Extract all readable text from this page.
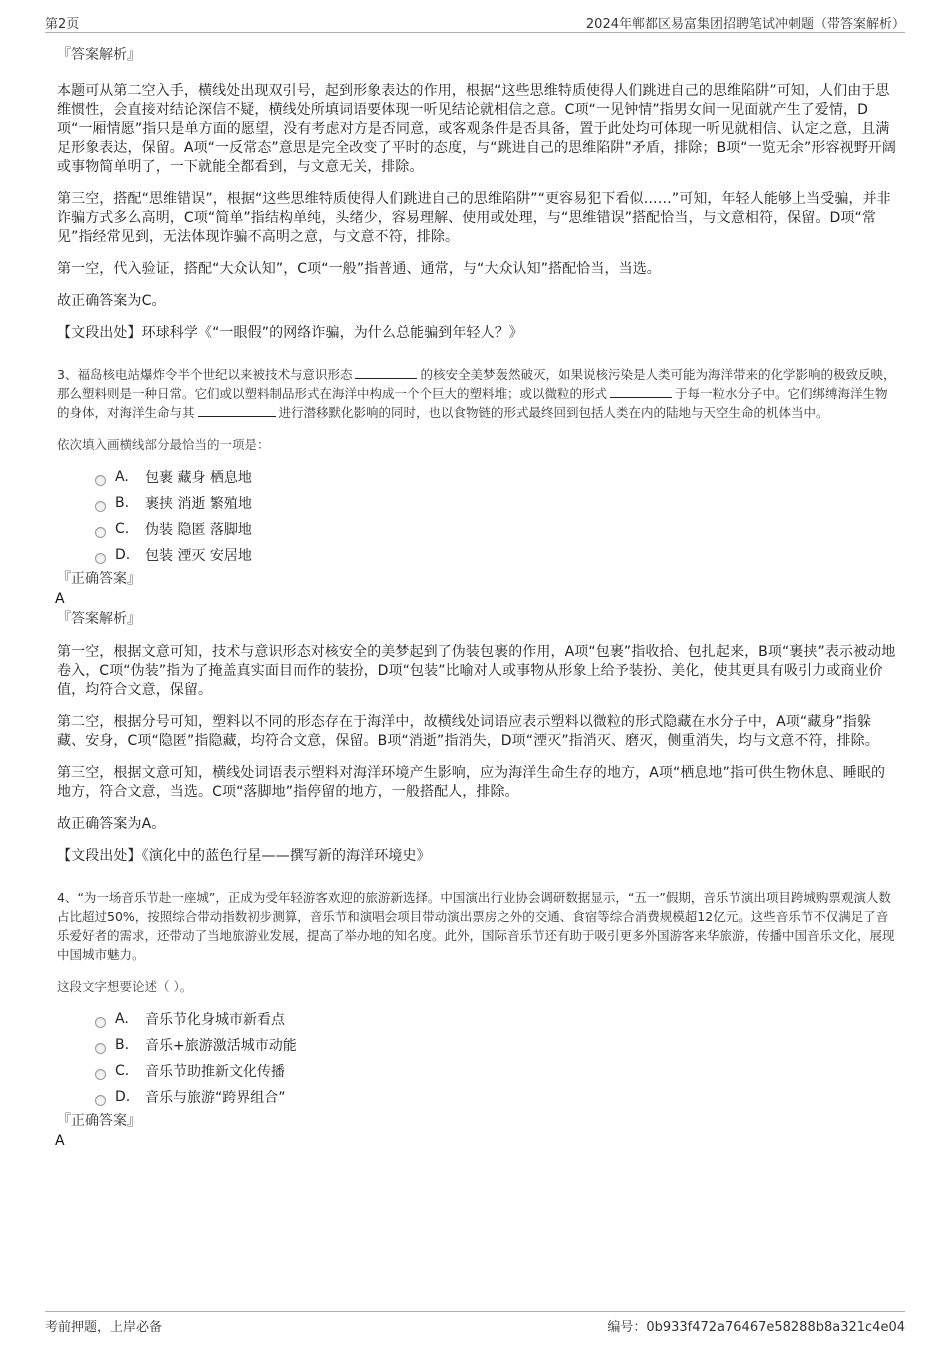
第2页	2024年郸都区易富集团招聘笔试冲刺题（带答案解析）
『答案解析』

本题可从第二空入手，横线处出现双引号，起到形象表达的作用，根据“这些思维特质使得人们跳进自己的思维陷阱”可知，人们由于思维惯性，会直接对结论深信不疑，横线处所填词语要体现一听见结论就相信之意。C项“一见钟情”指男女间一见面就产生了爱情，D项“一厢情愿”指只是单方面的愿望，没有考虑对方是否同意，或客观条件是否具备，置于此处均可体现一听见就相信、认定之意，且满足形象表达，保留。A项“一反常态”意思是完全改变了平时的态度，与“跳进自己的思维陷阱”矛盾，排除；B项“一览无余”形容视野开阔或事物简单明了，一下就能全都看到，与文意无关，排除。

第三空，搭配“思维错误”，根据“这些思维特质使得人们跳进自己的思维陷阱”“更容易犯下看似……”可知，年轻人能够上当受骗，并非诈骗方式多么高明，C项“简单”指结构单纯，头绪少，容易理解、使用或处理，与“思维错误”搭配恰当，与文意相符，保留。D项“常见”指经常见到，无法体现诈骗不高明之意，与文意不符，排除。

第一空，代入验证，搭配“大众认知”，C项“一般”指普通、通常，与“大众认知”搭配恰当，当选。

故正确答案为C。

【文段出处】环球科学《“一眼假”的网络诈骗，为什么总能骗到年轻人？》

3、福岛核电站爆炸令半个世纪以来被技术与意识形态	的核安全美梦轰然破灭，如果说核污染是人类可能为海洋带来的化学影响的极致反映，那么塑料则是一种日常。它们或以塑料制品形式在海洋中构成一个个巨大的塑料堆；或以微粒的形式	于每一粒水分子中。它们绑缚海洋生物的身体，对海洋生命与其	进行潜移默化影响的同时，也以食物链的形式最终回到包括人类在内的陆地与天空生命的机体当中。

依次填入画横线部分最恰当的一项是：

A.	包裹 藏身 栖息地
B.	裹挟 消逝 繁殖地
C.	伪装 隐匿 落脚地
D.	包装 湮灭 安居地
『正确答案』
A
『答案解析』

第一空，根据文意可知，技术与意识形态对核安全的美梦起到了伪装包裹的作用，A项“包裹”指收拾、包扎起来，B项“裹挟”表示被动地卷入，C项“伪装”指为了掩盖真实面目而作的装扮，D项“包装”比喻对人或事物从形象上给予装扮、美化，使其更具有吸引力或商业价值，均符合文意，保留。

第二空，根据分号可知，塑料以不同的形态存在于海洋中，故横线处词语应表示塑料以微粒的形式隐藏在水分子中，A项“藏身”指躲藏、安身，C项“隐匿”指隐藏，均符合文意，保留。B项“消逝”指消失，D项“湮灭”指消灭、磨灭，侧重消失，均与文意不符，排除。

第三空，根据文意可知，横线处词语表示塑料对海洋环境产生影响，应为海洋生命生存的地方，A项“栖息地”指可供生物休息、睡眠的地方，符合文意，当选。C项“落脚地”指停留的地方，一般搭配人，排除。

故正确答案为A。

【文段出处】《演化中的蓝色行星——撰写新的海洋环境史》

4、“为一场音乐节赴一座城”，正成为受年轻游客欢迎的旅游新选择。中国演出行业协会调研数据显示，“五一”假期，音乐节演出项目跨城购票观演人数占比超过50%，按照综合带动指数初步测算，音乐节和演唱会项目带动演出票房之外的交通、食宿等综合消费规模超12亿元。这些音乐节不仅满足了音乐爱好者的需求，还带动了当地旅游业发展，提高了举办地的知名度。此外，国际音乐节还有助于吸引更多外国游客来华旅游，传播中国音乐文化，展现中国城市魅力。

这段文字想要论述（ ）。

A.	音乐节化身城市新看点
B.	音乐+旅游激活城市动能
C.	音乐节助推新文化传播
D.	音乐与旅游“跨界组合”
『正确答案』
A
考前押题，上岸必备	编号：0b933f472a76467e58288b8a321c4e04
